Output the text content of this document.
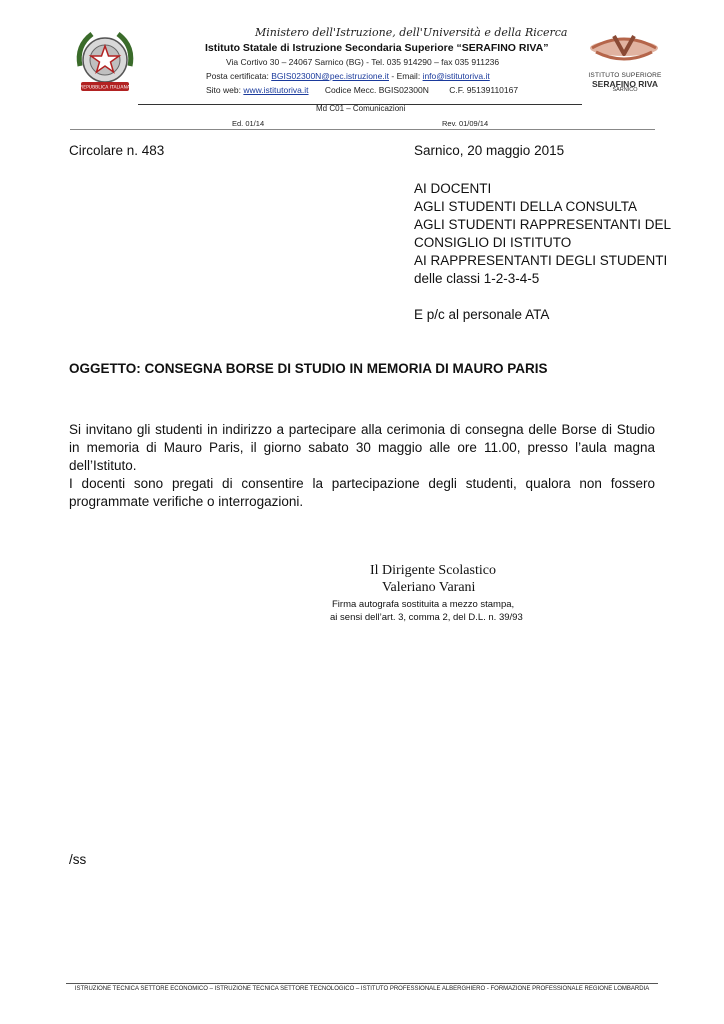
REPUBBLICA ITALIANA
Ministero dell'Istruzione, dell'Università e della Ricerca
Istituto Statale di Istruzione Secondaria Superiore “SERAFINO RIVA”
Via Cortivo 30 – 24067 Sarnico (BG) - Tel. 035 914290 – fax 035 911236
Posta certificata: BGIS02300N@pec.istruzione.it - Email: info@istitutoriva.it
Sito web: www.istitutoriva.it Codice Mecc. BGIS02300N C.F. 95139110167
ISTITUTO SUPERIORE
SERAFINO RIVA
SARNICO
Md C01 – Comunicazioni
Ed. 01/14	Rev. 01/09/14
Circolare n. 483	Sarnico, 20 maggio 2015
AI DOCENTI
AGLI STUDENTI DELLA CONSULTA
AGLI STUDENTI RAPPRESENTANTI DEL
CONSIGLIO DI ISTITUTO
AI RAPPRESENTANTI DEGLI STUDENTI
delle classi 1-2-3-4-5
E p/c al personale ATA
OGGETTO: CONSEGNA BORSE DI STUDIO IN MEMORIA DI MAURO PARIS

Si invitano gli studenti in indirizzo a partecipare alla cerimonia di consegna delle Borse di Studio in memoria di Mauro Paris, il giorno sabato 30 maggio alle ore 11.00, presso l’aula magna dell’Istituto.

I docenti sono pregati di consentire la partecipazione degli studenti, qualora non fossero programmate verifiche o interrogazioni.

Il Dirigente Scolastico
Valeriano Varani
Firma autografa sostituita a mezzo stampa,
ai sensi dell’art. 3, comma 2, del D.L. n. 39/93
/ss
ISTRUZIONE TECNICA SETTORE ECONOMICO – ISTRUZIONE TECNICA SETTORE TECNOLOGICO – ISTITUTO PROFESSIONALE ALBERGHIERO - FORMAZIONE PROFESSIONALE REGIONE LOMBARDIA
